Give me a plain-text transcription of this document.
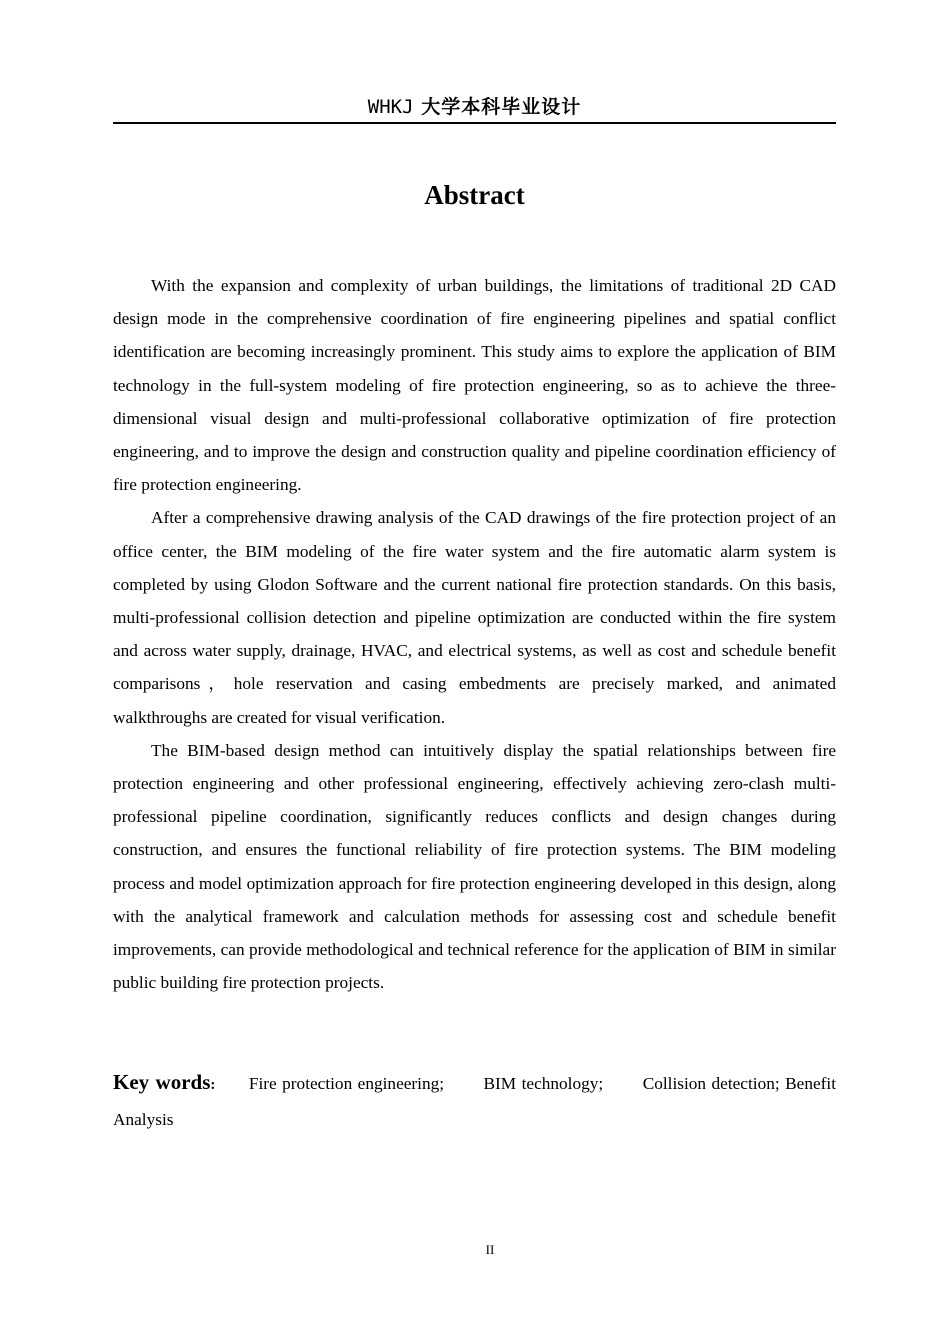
WHKJ 大学本科毕业设计
Abstract

With the expansion and complexity of urban buildings, the limitations of traditional 2D CAD design mode in the comprehensive coordination of fire engineering pipelines and spatial conflict identification are becoming increasingly prominent. This study aims to explore the application of BIM technology in the full-system modeling of fire protection engineering, so as to achieve the three-dimensional visual design and multi-professional collaborative optimization of fire protection engineering, and to improve the design and construction quality and pipeline coordination efficiency of fire protection engineering.

After a comprehensive drawing analysis of the CAD drawings of the fire protection project of an office center, the BIM modeling of the fire water system and the fire automatic alarm system is completed by using Glodon Software and the current national fire protection standards. On this basis, multi-professional collision detection and pipeline optimization are conducted within the fire system and across water supply, drainage, HVAC, and electrical systems, as well as cost and schedule benefit comparisons，hole reservation and casing embedments are precisely marked, and animated walkthroughs are created for visual verification.

The BIM-based design method can intuitively display the spatial relationships between fire protection engineering and other professional engineering, effectively achieving zero-clash multi-professional pipeline coordination, significantly reduces conflicts and design changes during construction, and ensures the functional reliability of fire protection systems. The BIM modeling process and model optimization approach for fire protection engineering developed in this design, along with the analytical framework and calculation methods for assessing cost and schedule benefit improvements, can provide methodological and technical reference for the application of BIM in similar public building fire protection projects.

Key words: Fire protection engineering; BIM technology; Collision detection; Benefit Analysis
II
